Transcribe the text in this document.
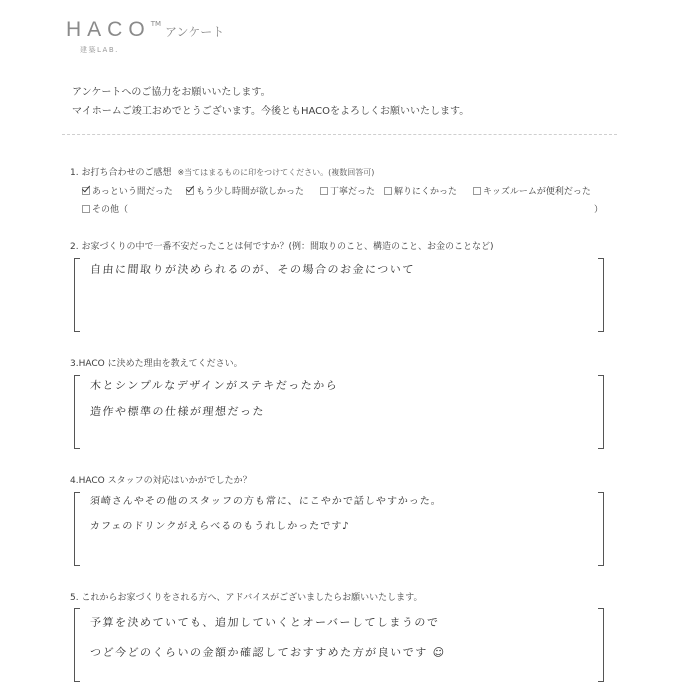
HACO™アンケート
建築LAB.
アンケートへのご協力をお願いいたします。
マイホームご竣工おめでとうございます。今後ともHACOをよろしくお願いいたします。
1. お打ち合わせのご感想 ※当てはまるものに印をつけてください。(複数回答可)
あっという間だった	もう少し時間が欲しかった	丁寧だった 解りにくかった	キッズルームが便利だった
その他（	）
2. お家づくりの中で一番不安だったことは何ですか？(例：間取りのこと、構造のこと、お金のことなど)
自由に間取りが決められるのが、その場合のお金について
3.HACO に決めた理由を教えてください。
木とシンプルなデザインがステキだったから
造作や標準の仕様が理想だった
4.HACO スタッフの対応はいかがでしたか？
須崎さんやその他のスタッフの方も常に、にこやかで話しやすかった。
カフェのドリンクがえらべるのもうれしかったです♪
5. これからお家づくりをされる方へ、アドバイスがございましたらお願いいたします。
予算を決めていても、追加していくとオーバーしてしまうので
つど今どのくらいの金額か確認しておすすめた方が良いです ☺
